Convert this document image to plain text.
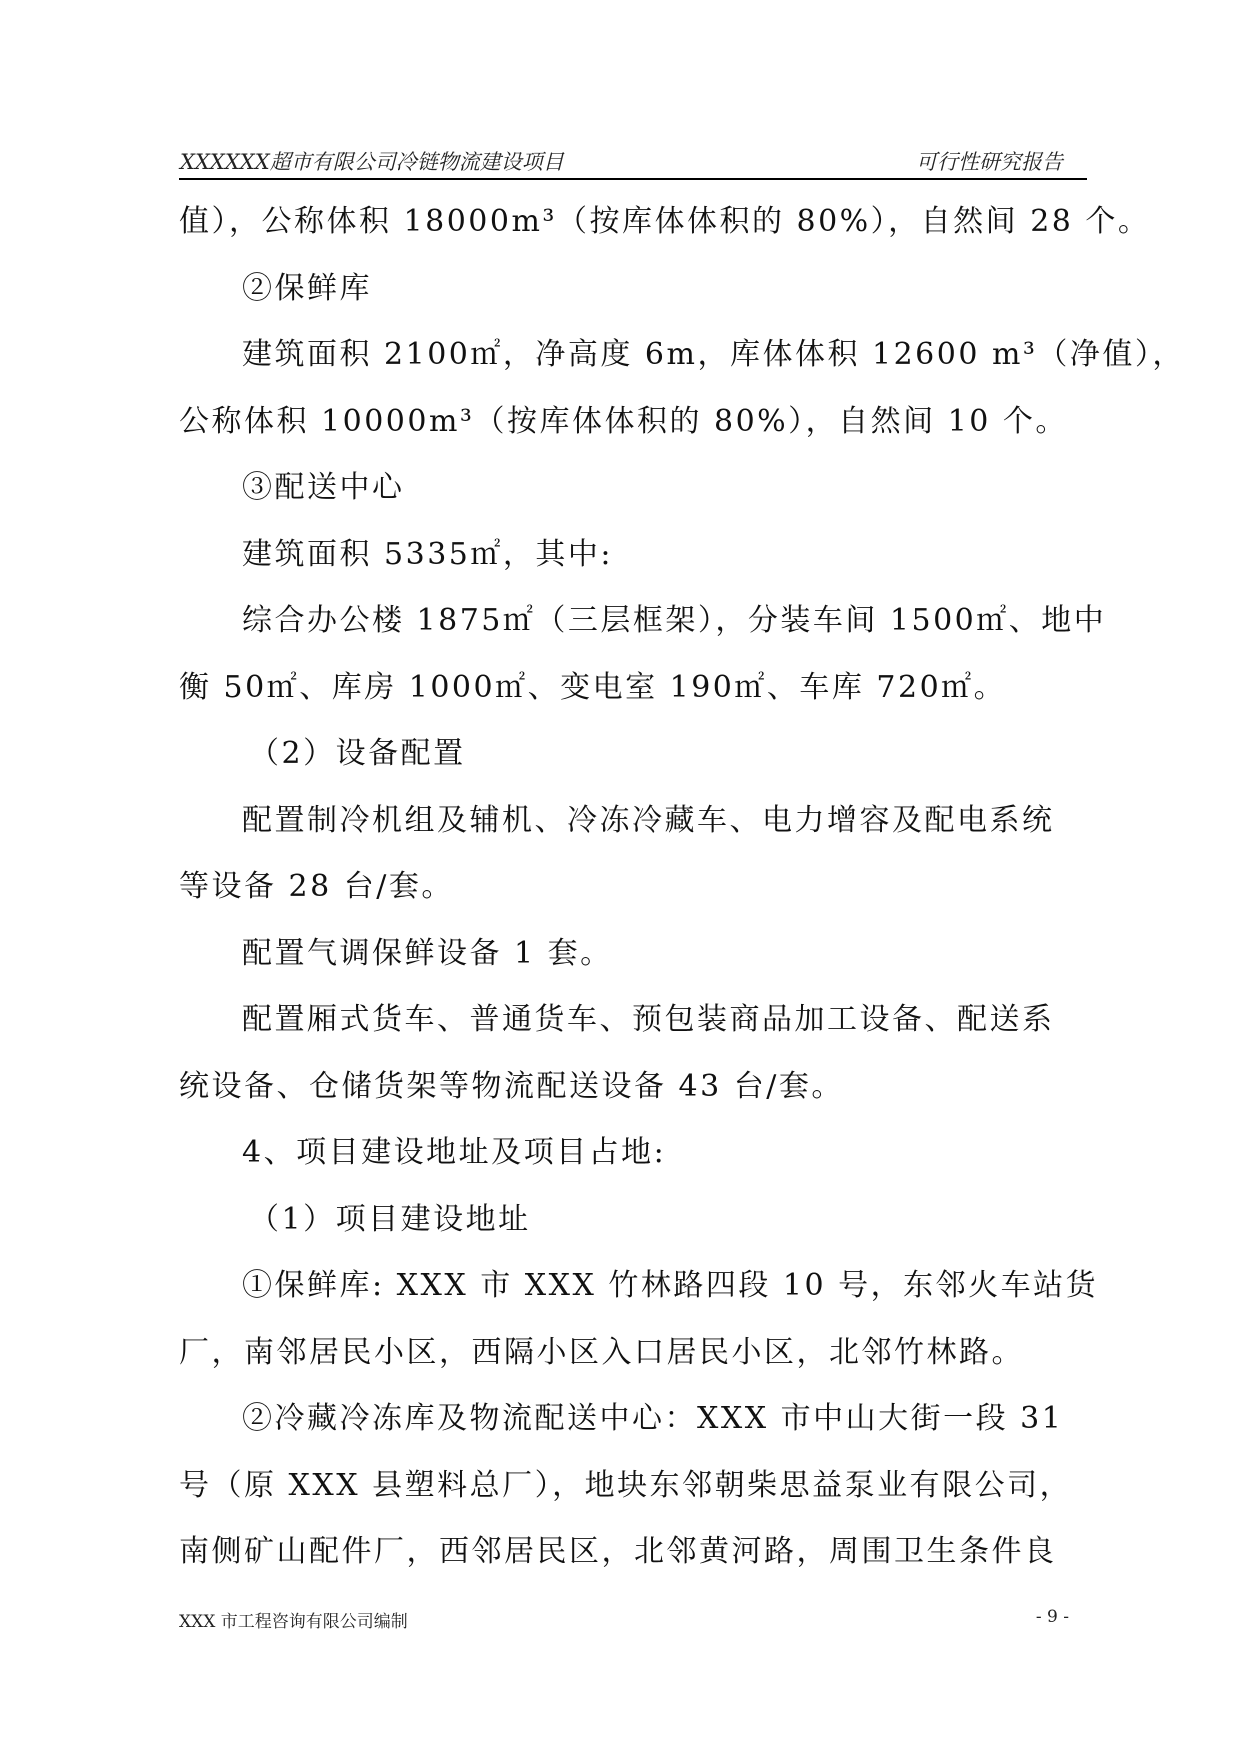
XXXXXX超市有限公司冷链物流建设项目	可行性研究报告
值），公称体积 18000m³（按库体体积的 80%），自然间 28 个。
②保鲜库
建筑面积 2100㎡，净高度 6m，库体体积 12600 m³（净值），
公称体积 10000m³（按库体体积的 80%），自然间 10 个。
③配送中心
建筑面积 5335㎡，其中:
综合办公楼 1875㎡（三层框架），分装车间 1500㎡、地中
衡 50㎡、库房 1000㎡、变电室 190㎡、车库 720㎡。
（2）设备配置
配置制冷机组及辅机、冷冻冷藏车、电力增容及配电系统
等设备 28 台/套。
配置气调保鲜设备 1 套。
配置厢式货车、普通货车、预包装商品加工设备、配送系
统设备、仓储货架等物流配送设备 43 台/套。
4、项目建设地址及项目占地:
（1）项目建设地址
①保鲜库: XXX 市 XXX 竹林路四段 10 号，东邻火车站货
厂，南邻居民小区，西隔小区入口居民小区，北邻竹林路。
②冷藏冷冻库及物流配送中心：XXX 市中山大街一段 31
号（原 XXX 县塑料总厂），地块东邻朝柴思益泵业有限公司，
南侧矿山配件厂，西邻居民区，北邻黄河路，周围卫生条件良
XXX 市工程咨询有限公司编制	- 9 -
